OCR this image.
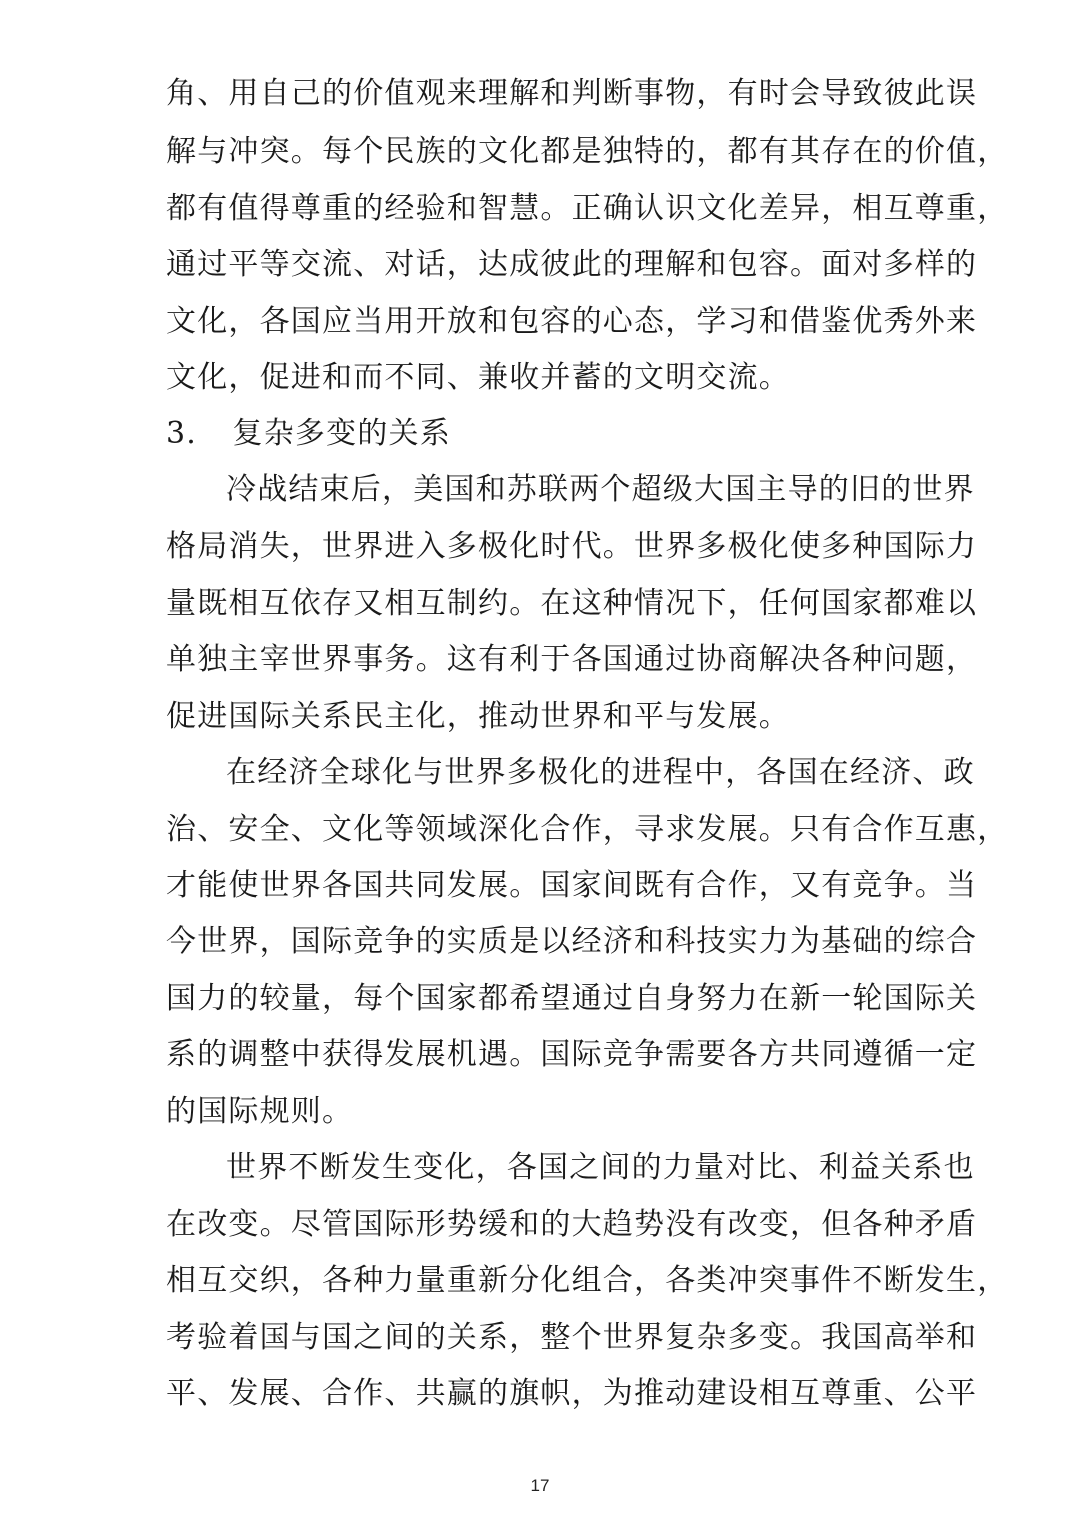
角、用自己的价值观来理解和判断事物，有时会导致彼此误
解与冲突。每个民族的文化都是独特的，都有其存在的价值，
都有值得尊重的经验和智慧。正确认识文化差异，相互尊重，
通过平等交流、对话，达成彼此的理解和包容。面对多样的
文化，各国应当用开放和包容的心态，学习和借鉴优秀外来
文化，促进和而不同、兼收并蓄的文明交流。
3. 复杂多变的关系
冷战结束后，美国和苏联两个超级大国主导的旧的世界
格局消失，世界进入多极化时代。世界多极化使多种国际力
量既相互依存又相互制约。在这种情况下，任何国家都难以
单独主宰世界事务。这有利于各国通过协商解决各种问题，
促进国际关系民主化，推动世界和平与发展。
在经济全球化与世界多极化的进程中，各国在经济、政
治、安全、文化等领域深化合作，寻求发展。只有合作互惠，
才能使世界各国共同发展。国家间既有合作，又有竞争。当
今世界，国际竞争的实质是以经济和科技实力为基础的综合
国力的较量，每个国家都希望通过自身努力在新一轮国际关
系的调整中获得发展机遇。国际竞争需要各方共同遵循一定
的国际规则。
世界不断发生变化，各国之间的力量对比、利益关系也
在改变。尽管国际形势缓和的大趋势没有改变，但各种矛盾
相互交织，各种力量重新分化组合，各类冲突事件不断发生，
考验着国与国之间的关系，整个世界复杂多变。我国高举和
平、发展、合作、共赢的旗帜，为推动建设相互尊重、公平
17
